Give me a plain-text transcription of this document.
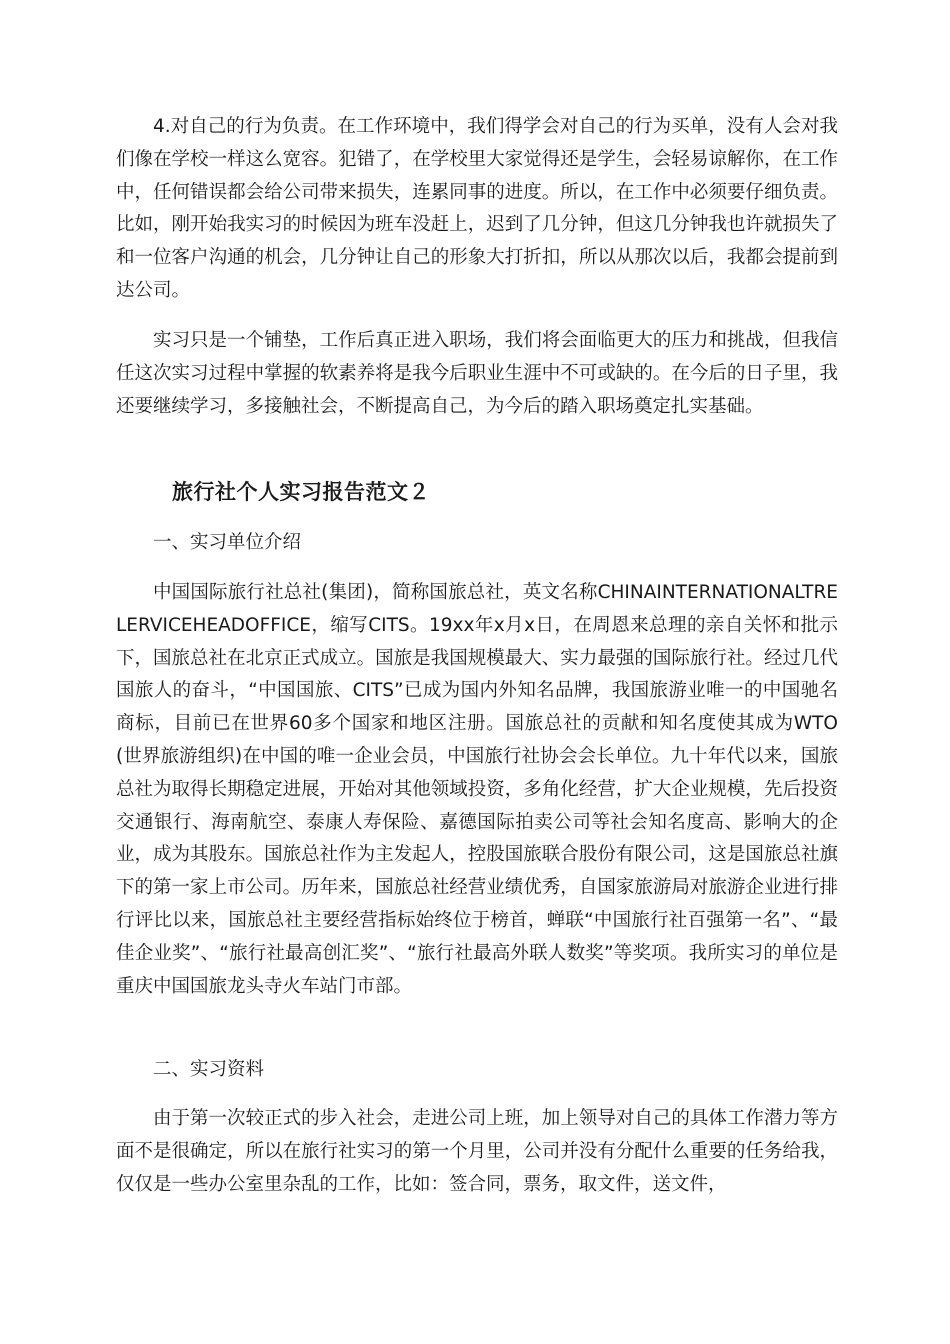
4.对自己的行为负责。在工作环境中，我们得学会对自己的行为买单，没有人会对我们像在学校一样这么宽容。犯错了，在学校里大家觉得还是学生，会轻易谅解你，在工作中，任何错误都会给公司带来损失，连累同事的进度。所以，在工作中必须要仔细负责。比如，刚开始我实习的时候因为班车没赶上，迟到了几分钟，但这几分钟我也许就损失了和一位客户沟通的机会，几分钟让自己的形象大打折扣，所以从那次以后，我都会提前到达公司。

实习只是一个铺垫，工作后真正进入职场，我们将会面临更大的压力和挑战，但我信任这次实习过程中掌握的软素养将是我今后职业生涯中不可或缺的。在今后的日子里，我还要继续学习，多接触社会，不断提高自己，为今后的踏入职场奠定扎实基础。

旅行社个人实习报告范文２

一、实习单位介绍

中国国际旅行社总社(集团)，简称国旅总社，英文名称CHINAINTERNATIONALTRELERVICEHEADOFFICE，缩写CITS。19xx年x月x日，在周恩来总理的亲自关怀和批示下，国旅总社在北京正式成立。国旅是我国规模最大、实力最强的国际旅行社。经过几代国旅人的奋斗，“中国国旅、CITS”已成为国内外知名品牌，我国旅游业唯一的中国驰名商标，目前已在世界60多个国家和地区注册。国旅总社的贡献和知名度使其成为WTO(世界旅游组织)在中国的唯一企业会员，中国旅行社协会会长单位。九十年代以来，国旅总社为取得长期稳定进展，开始对其他领域投资，多角化经营，扩大企业规模，先后投资交通银行、海南航空、泰康人寿保险、嘉德国际拍卖公司等社会知名度高、影响大的企业，成为其股东。国旅总社作为主发起人，控股国旅联合股份有限公司，这是国旅总社旗下的第一家上市公司。历年来，国旅总社经营业绩优秀，自国家旅游局对旅游企业进行排行评比以来，国旅总社主要经营指标始终位于榜首，蝉联“中国旅行社百强第一名”、“最佳企业奖”、“旅行社最高创汇奖”、“旅行社最高外联人数奖”等奖项。我所实习的单位是重庆中国国旅龙头寺火车站门市部。

二、实习资料

由于第一次较正式的步入社会，走进公司上班，加上领导对自己的具体工作潜力等方面不是很确定，所以在旅行社实习的第一个月里，公司并没有分配什么重要的任务给我，仅仅是一些办公室里杂乱的工作，比如：签合同，票务，取文件，送文件，
